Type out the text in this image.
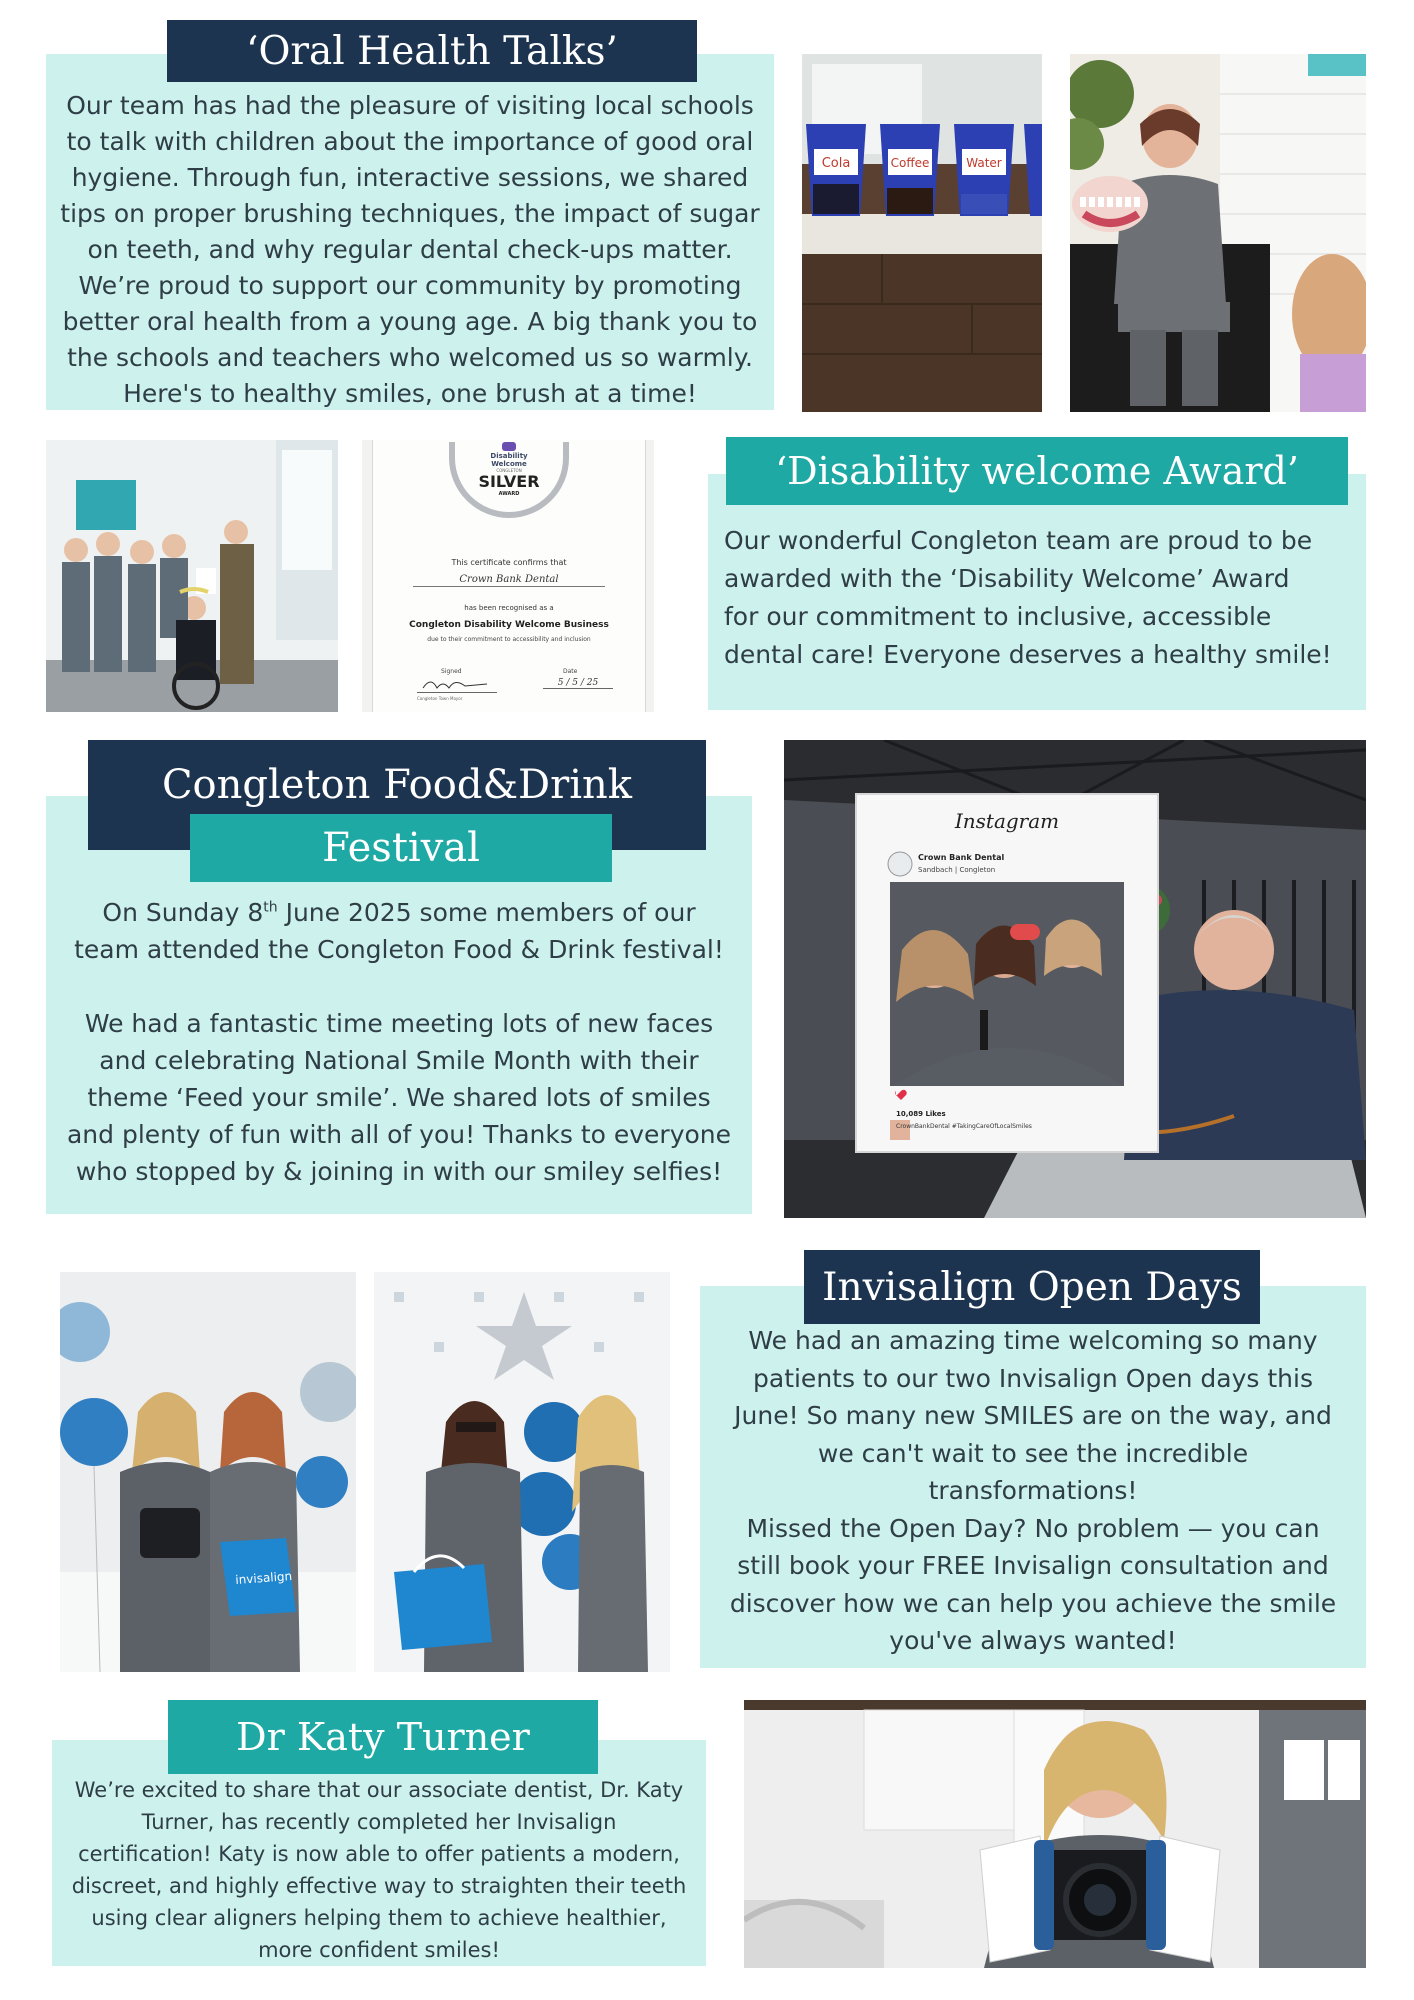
Our team has had the pleasure of visiting local schools
to talk with children about the importance of good oral
hygiene. Through fun, interactive sessions, we shared
tips on proper brushing techniques, the impact of sugar
on teeth, and why regular dental check-ups matter.
We’re proud to support our community by promoting
better oral health from a young age. A big thank you to
the schools and teachers who welcomed us so warmly.
Here's to healthy smiles, one brush at a time!
‘Oral Health Talks’
Cola	Coffee	Water
Disability
Welcome
CONGLETON
SILVER
AWARD
This certificate confirms that
Crown Bank Dental
has been recognised as a
Congleton Disability Welcome Business
due to their commitment to accessibility and inclusion
Signed	Date
5 / 5 / 25
Congleton Town Mayor
Our wonderful Congleton team are proud to be
awarded with the ‘Disability Welcome’ Award
for our commitment to inclusive, accessible
dental care! Everyone deserves a healthy smile!
‘Disability welcome Award’
On Sunday 8th June 2025 some members of our
team attended the Congleton Food & Drink festival!
We had a fantastic time meeting lots of new faces
and celebrating National Smile Month with their
theme ‘Feed your smile’. We shared lots of smiles
and plenty of fun with all of you! Thanks to everyone
who stopped by & joining in with our smiley selfies!
Congleton Food&Drink
Festival
Instagram
Crown Bank Dental
Sandbach | Congleton
10,089 Likes
CrownBankDental #TakingCareOfLocalSmiles
invisalign
We had an amazing time welcoming so many
patients to our two Invisalign Open days this
June! So many new SMILES are on the way, and
we can't wait to see the incredible
transformations!
Missed the Open Day? No problem — you can
still book your FREE Invisalign consultation and
discover how we can help you achieve the smile
you've always wanted!
Invisalign Open Days
We’re excited to share that our associate dentist, Dr. Katy
Turner, has recently completed her Invisalign
certification! Katy is now able to offer patients a modern,
discreet, and highly effective way to straighten their teeth
using clear aligners helping them to achieve healthier,
more confident smiles!
Dr Katy Turner
